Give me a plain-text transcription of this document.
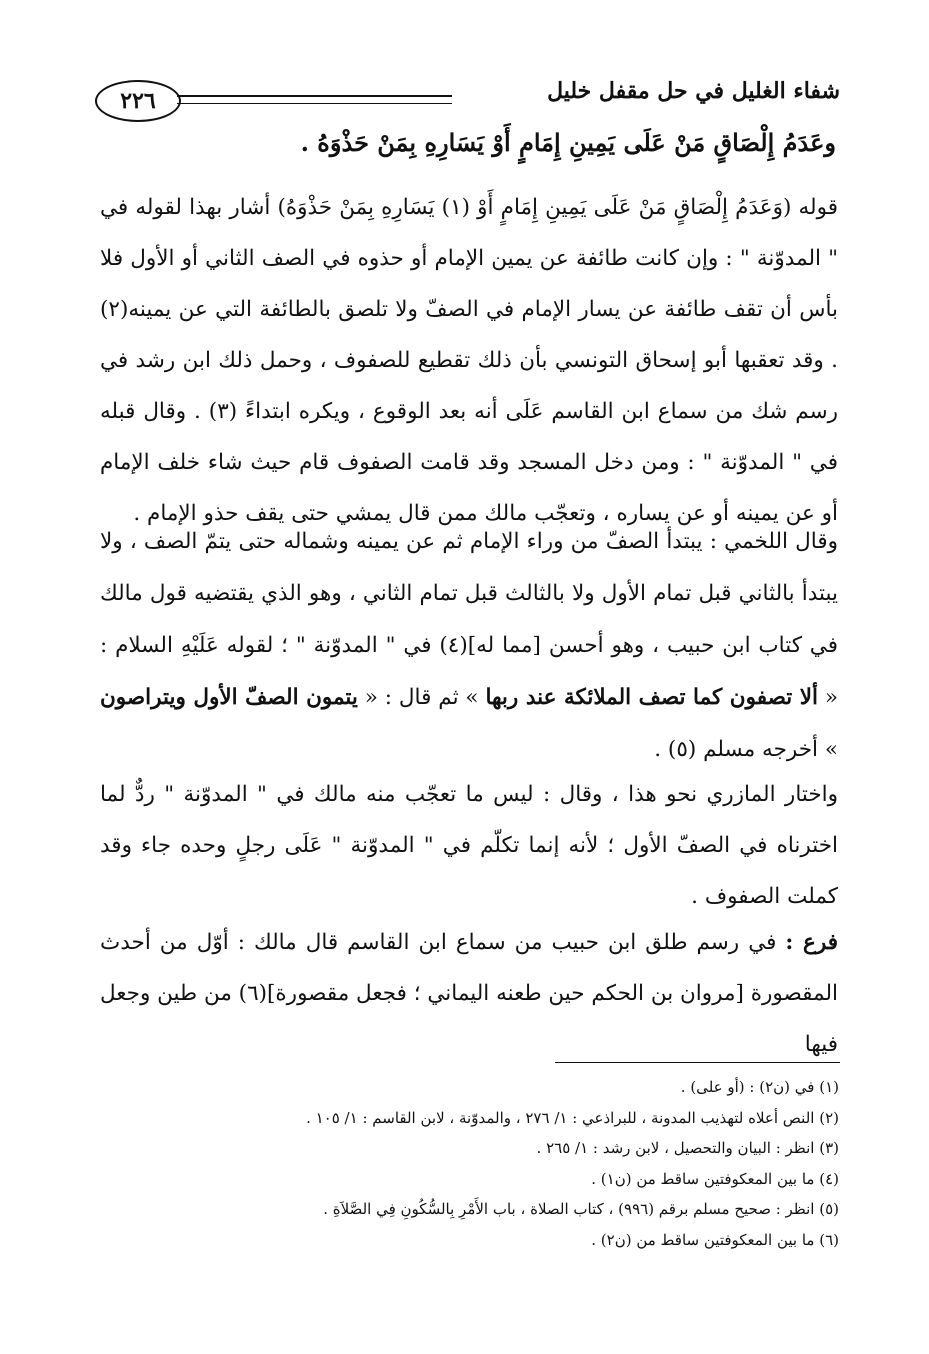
٢٢٦	شفاء الغليل في حل مقفل خليل
وعَدَمُ إِلْصَاقٍ مَنْ عَلَى يَمِينِ إِمَامٍ أَوْ يَسَارِهِ بِمَنْ حَذْوَهُ .

قوله (وَعَدَمُ إِلْصَاقٍ مَنْ عَلَى يَمِينِ إِمَامٍ أَوْ (١) يَسَارِهِ بِمَنْ حَذْوَهُ) أشار بهذا لقوله في " المدوّنة " : وإن كانت طائفة عن يمين الإمام أو حذوه في الصف الثاني أو الأول فلا بأس أن تقف طائفة عن يسار الإمام في الصفّ ولا تلصق بالطائفة التي عن يمينه(٢) . وقد تعقبها أبو إسحاق التونسي بأن ذلك تقطيع للصفوف ، وحمل ذلك ابن رشد في رسم شك من سماع ابن القاسم عَلَى أنه بعد الوقوع ، ويكره ابتداءً (٣) . وقال قبله في " المدوّنة " : ومن دخل المسجد وقد قامت الصفوف قام حيث شاء خلف الإمام أو عن يمينه أو عن يساره ، وتعجّب مالك ممن قال يمشي حتى يقف حذو الإمام .

وقال اللخمي : يبتدأ الصفّ من وراء الإمام ثم عن يمينه وشماله حتى يتمّ الصف ، ولا يبتدأ بالثاني قبل تمام الأول ولا بالثالث قبل تمام الثاني ، وهو الذي يقتضيه قول مالك في كتاب ابن حبيب ، وهو أحسن [مما له](٤) في " المدوّنة " ؛ لقوله عَلَيْهِ السلام : « ألا تصفون كما تصف الملائكة عند ربها » ثم قال : « يتمون الصفّ الأول ويتراصون » أخرجه مسلم (٥) .

واختار المازري نحو هذا ، وقال : ليس ما تعجّب منه مالك في " المدوّنة " ردٌّ لما اخترناه في الصفّ الأول ؛ لأنه إنما تكلّم في " المدوّنة " عَلَى رجلٍ وحده جاء وقد كملت الصفوف .

فرع : في رسم طلق ابن حبيب من سماع ابن القاسم قال مالك : أوّل من أحدث المقصورة [مروان بن الحكم حين طعنه اليماني ؛ فجعل مقصورة](٦) من طين وجعل فيها

(١) في (ن٢) : (أو على) .
(٢) النص أعلاه لتهذيب المدونة ، للبراذعي : ١/ ٢٧٦ ، والمدوّنة ، لابن القاسم : ١/ ١٠٥ .
(٣) انظر : البيان والتحصيل ، لابن رشد : ١/ ٢٦٥ .
(٤) ما بين المعكوفتين ساقط من (ن١) .
(٥) انظر : صحيح مسلم برقم (٩٩٦) ، كتاب الصلاة ، باب الأَمْرِ بِالسُّكُونِ فِي الصَّلاَةِ .
(٦) ما بين المعكوفتين ساقط من (ن٢) .
